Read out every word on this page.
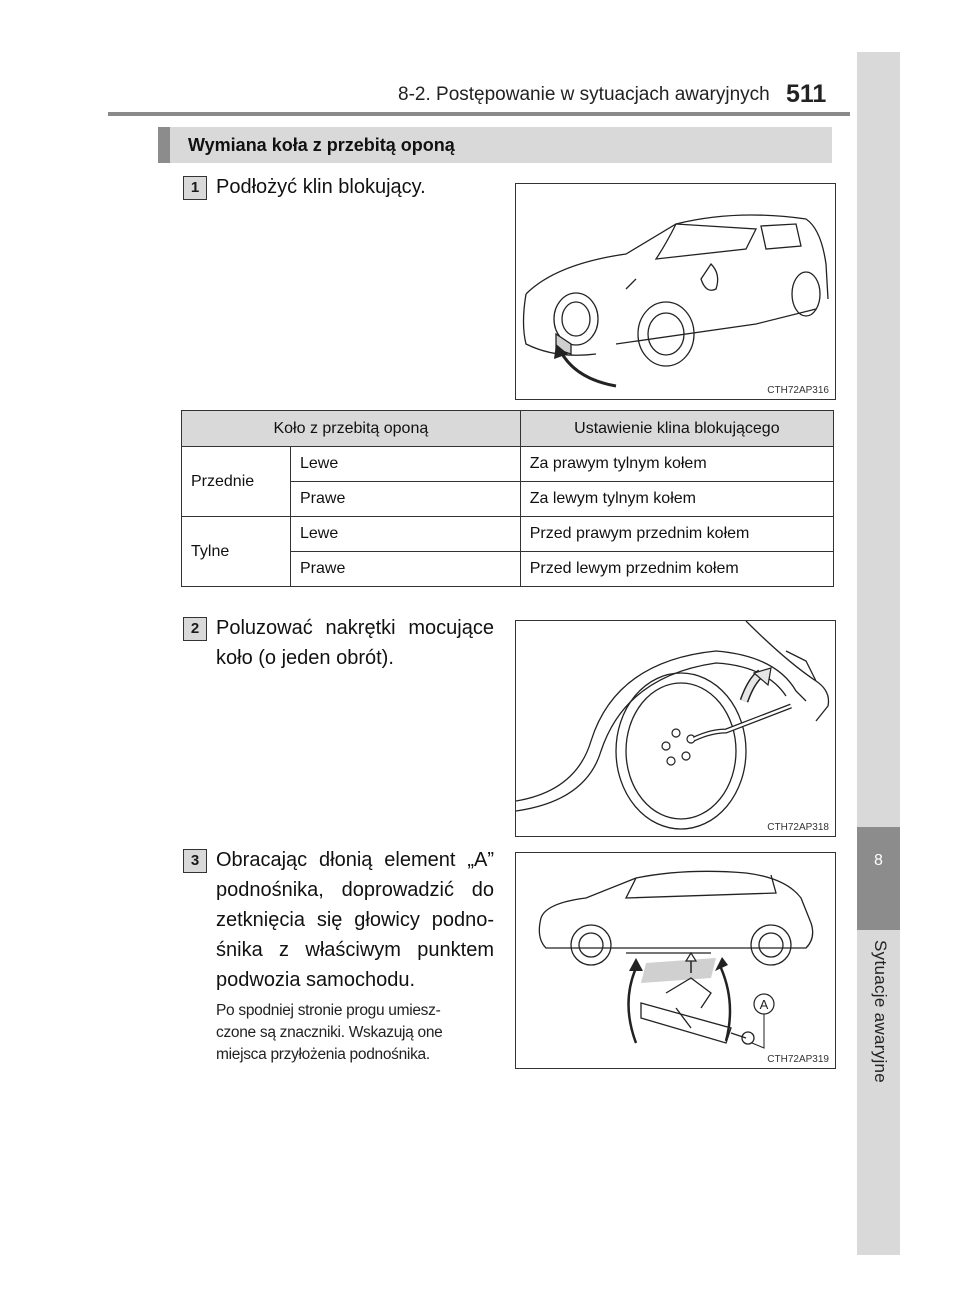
8-2. Postępowanie w sytuacjach awaryjnych 511
8
Sytuacje awaryjne
Wymiana koła z przebitą oponą
1 Podłożyć klin blokujący.
CTH72AP316
Koło z przebitą oponą		Ustawienie klina blokującego
Przednie	Lewe	Za prawym tylnym kołem
	Prawe	Za lewym tylnym kołem
Tylne	Lewe	Przed prawym przednim kołem
	Prawe	Przed lewym przednim kołem
2 Poluzować nakrętki mocujące
koło (o jeden obrót).
CTH72AP318
3 Obracając dłonią element „A”
podnośnika, doprowadzić do
zetknięcia się głowicy podno-
śnika z właściwym punktem
podwozia samochodu.
Po spodniej stronie progu umiesz-
czone są znaczniki. Wskazują one
miejsca przyłożenia podnośnika.
A
CTH72AP319
